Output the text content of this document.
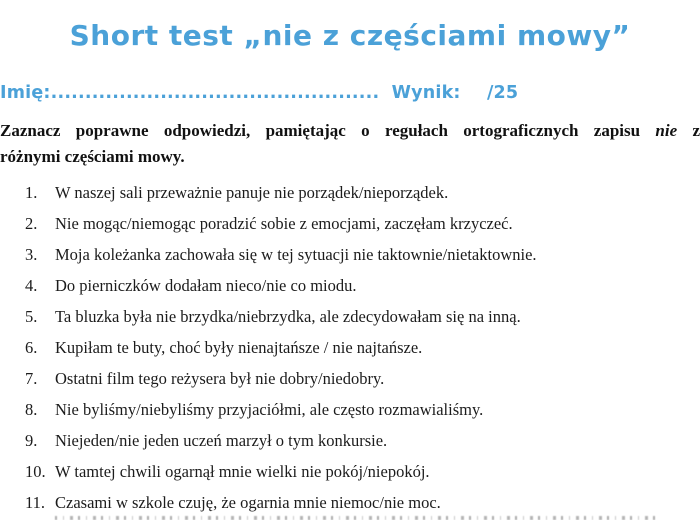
Short test „nie z częściami mowy”
Imię:................................................ Wynik: /25
Zaznacz poprawne odpowiedzi, pamiętając o regułach ortograficznych zapisu nie z
różnymi częściami mowy.
1.	W naszej sali przeważnie panuje nie porządek/nieporządek.
2.	Nie mogąc/niemogąc poradzić sobie z emocjami, zaczęłam krzyczeć.
3.	Moja koleżanka zachowała się w tej sytuacji nie taktownie/nietaktownie.
4.	Do pierniczków dodałam nieco/nie co miodu.
5.	Ta bluzka była nie brzydka/niebrzydka, ale zdecydowałam się na inną.
6.	Kupiłam te buty, choć były nienajtańsze / nie najtańsze.
7.	Ostatni film tego reżysera był nie dobry/niedobry.
8.	Nie byliśmy/niebyliśmy przyjaciółmi, ale często rozmawialiśmy.
9.	Niejeden/nie jeden uczeń marzył o tym konkursie.
10. W tamtej chwili ogarnął mnie wielki nie pokój/niepokój.
11. Czasami w szkole czuję, że ogarnia mnie niemoc/nie moc.
